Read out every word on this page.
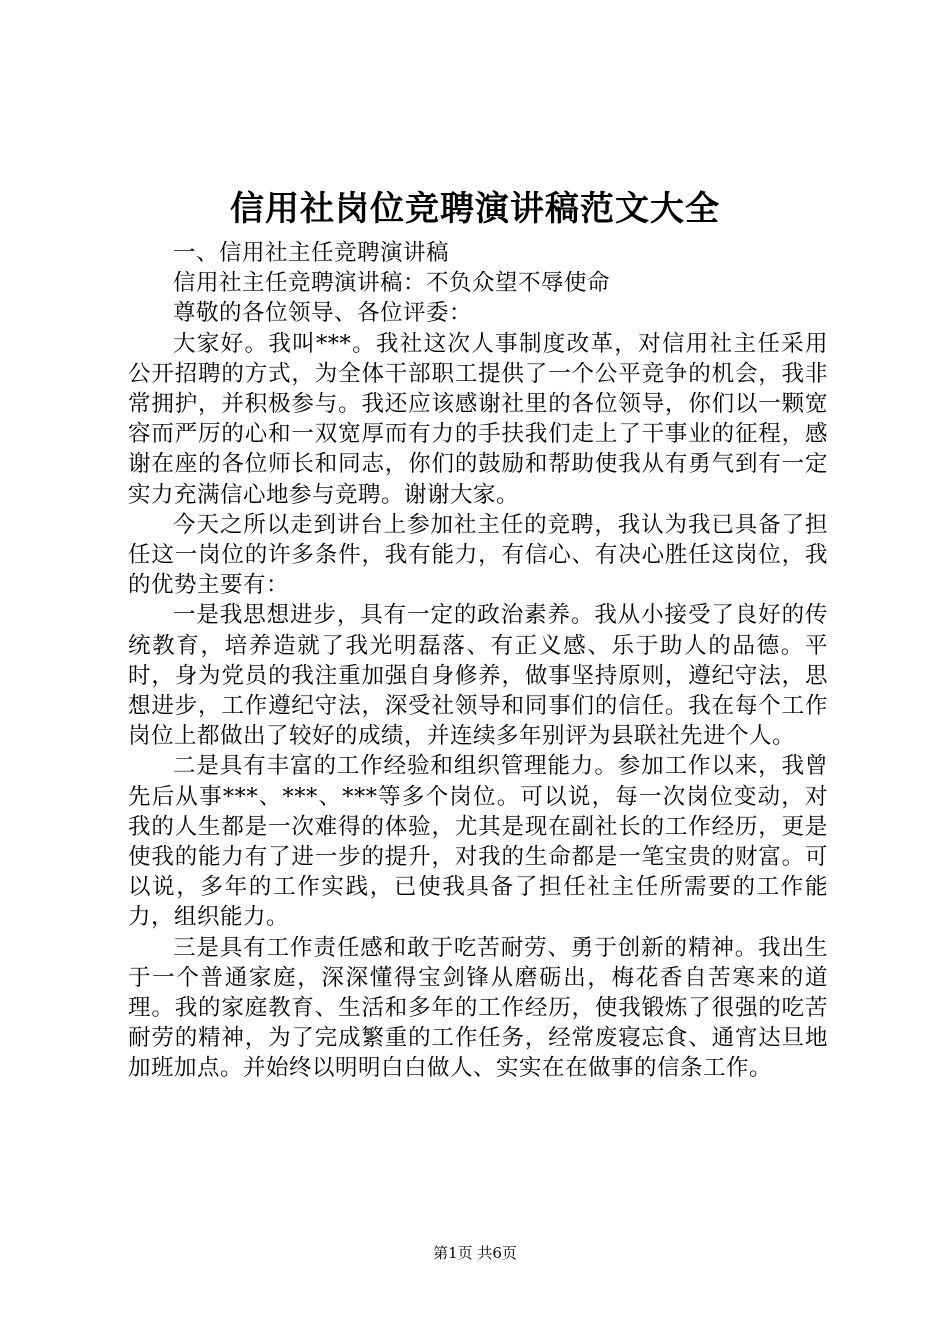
信用社岗位竞聘演讲稿范文大全

一、信用社主任竞聘演讲稿

信用社主任竞聘演讲稿：不负众望不辱使命

尊敬的各位领导、各位评委：

大家好。我叫***。我社这次人事制度改革，对信用社主任采用公开招聘的方式，为全体干部职工提供了一个公平竞争的机会，我非常拥护，并积极参与。我还应该感谢社里的各位领导，你们以一颗宽容而严厉的心和一双宽厚而有力的手扶我们走上了干事业的征程，感谢在座的各位师长和同志，你们的鼓励和帮助使我从有勇气到有一定实力充满信心地参与竞聘。谢谢大家。

今天之所以走到讲台上参加社主任的竞聘，我认为我已具备了担任这一岗位的许多条件，我有能力，有信心、有决心胜任这岗位，我的优势主要有：

一是我思想进步，具有一定的政治素养。我从小接受了良好的传统教育，培养造就了我光明磊落、有正义感、乐于助人的品德。平时，身为党员的我注重加强自身修养，做事坚持原则，遵纪守法，思想进步，工作遵纪守法，深受社领导和同事们的信任。我在每个工作岗位上都做出了较好的成绩，并连续多年别评为县联社先进个人。

二是具有丰富的工作经验和组织管理能力。参加工作以来，我曾先后从事***、***、***等多个岗位。可以说，每一次岗位变动，对我的人生都是一次难得的体验，尤其是现在副社长的工作经历，更是使我的能力有了进一步的提升，对我的生命都是一笔宝贵的财富。可以说，多年的工作实践，已使我具备了担任社主任所需要的工作能力，组织能力。

三是具有工作责任感和敢于吃苦耐劳、勇于创新的精神。我出生于一个普通家庭，深深懂得宝剑锋从磨砺出，梅花香自苦寒来的道理。我的家庭教育、生活和多年的工作经历，使我锻炼了很强的吃苦耐劳的精神，为了完成繁重的工作任务，经常废寝忘食、通宵达旦地加班加点。并始终以明明白白做人、实实在在做事的信条工作。

第1页 共6页
